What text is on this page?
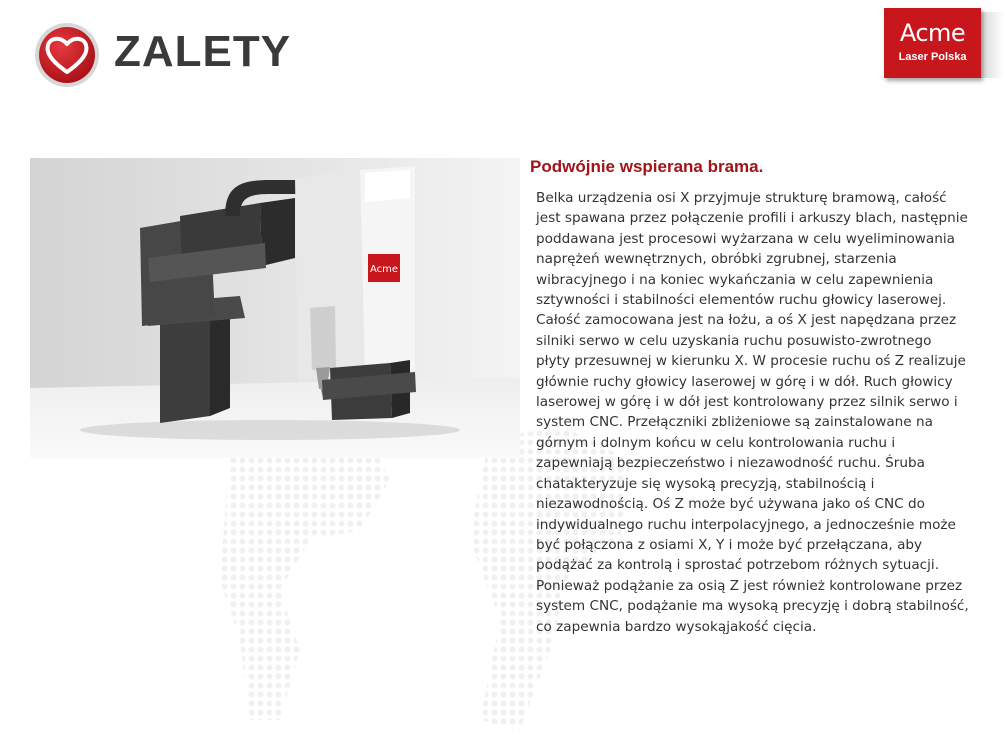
ZALETY	Acme
Laser Polska
Acme
Podwójnie wspierana brama.
Belka urządzenia osi X przyjmuje strukturę bramową, całość
jest spawana przez połączenie profili i arkuszy blach, następnie
poddawana jest procesowi wyżarzana w celu wyeliminowania
naprężeń wewnętrznych, obróbki zgrubnej, starzenia
wibracyjnego i na koniec wykańczania w celu zapewnienia
sztywności i stabilności elementów ruchu głowicy laserowej.
Całość zamocowana jest na łożu, a oś X jest napędzana przez
silniki serwo w celu uzyskania ruchu posuwisto-zwrotnego
płyty przesuwnej w kierunku X. W procesie ruchu oś Z realizuje
głównie ruchy głowicy laserowej w górę i w dół. Ruch głowicy
laserowej w górę i w dół jest kontrolowany przez silnik serwo i
system CNC. Przełączniki zbliżeniowe są zainstalowane na
górnym i dolnym końcu w celu kontrolowania ruchu i
zapewniają bezpieczeństwo i niezawodność ruchu. Śruba
chatakteryzuje się wysoką precyzją, stabilnością i
niezawodnością. Oś Z może być używana jako oś CNC do
indywidualnego ruchu interpolacyjnego, a jednocześnie może
być połączona z osiami X, Y i może być przełączana, aby
podążać za kontrolą i sprostać potrzebom różnych sytuacji.
Ponieważ podążanie za osią Z jest również kontrolowane przez
system CNC, podążanie ma wysoką precyzję i dobrą stabilność,
co zapewnia bardzo wysokąjakość cięcia.
